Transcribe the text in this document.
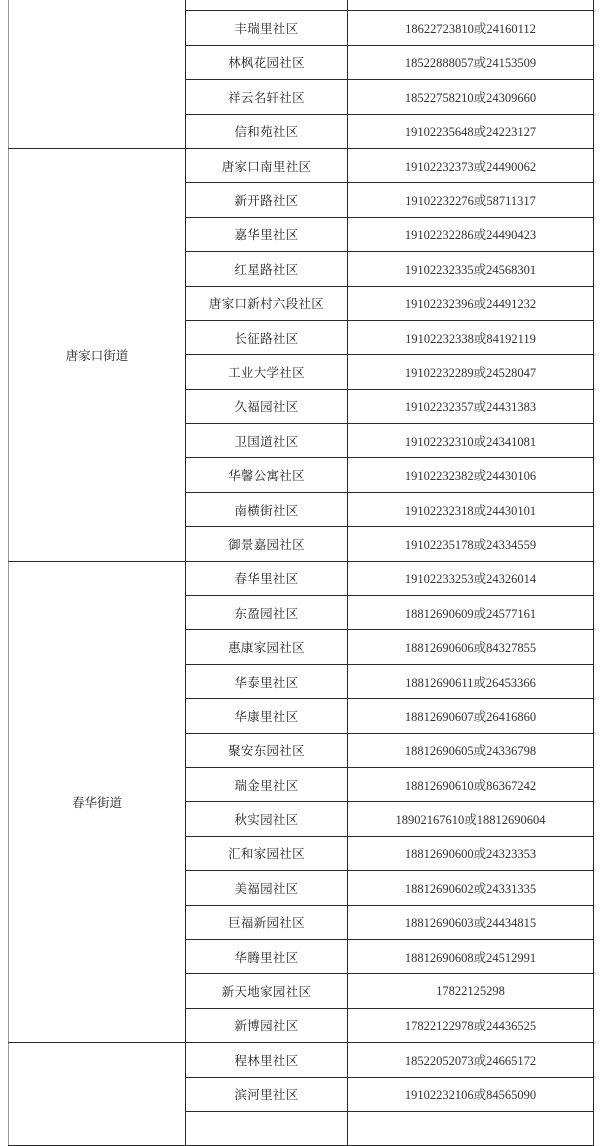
	丰瑞里社区	18622723810或24160112
	林枫花园社区	18522888057或24153509
	祥云名轩社区	18522758210或24309660
	信和苑社区	19102235648或24223127
唐家口街道	唐家口南里社区	19102232373或24490062
	新开路社区	19102232276或58711317
	嘉华里社区	19102232286或24490423
	红星路社区	19102232335或24568301
	唐家口新村六段社区	19102232396或24491232
	长征路社区	19102232338或84192119
	工业大学社区	19102232289或24528047
	久福园社区	19102232357或24431383
	卫国道社区	19102232310或24341081
	华馨公寓社区	19102232382或24430106
	南横街社区	19102232318或24430101
	御景嘉园社区	19102235178或24334559
春华街道	春华里社区	19102233253或24326014
	东盈园社区	18812690609或24577161
	惠康家园社区	18812690606或84327855
	华泰里社区	18812690611或26453366
	华康里社区	18812690607或26416860
	聚安东园社区	18812690605或24336798
	瑞金里社区	18812690610或86367242
	秋实园社区	18902167610或18812690604
	汇和家园社区	18812690600或24323353
	美福园社区	18812690602或24331335
	巨福新园社区	18812690603或24434815
	华腾里社区	18812690608或24512991
	新天地家园社区	17822125298
	新博园社区	17822122978或24436525
	程林里社区	18522052073或24665172
	滨河里社区	19102232106或84565090
